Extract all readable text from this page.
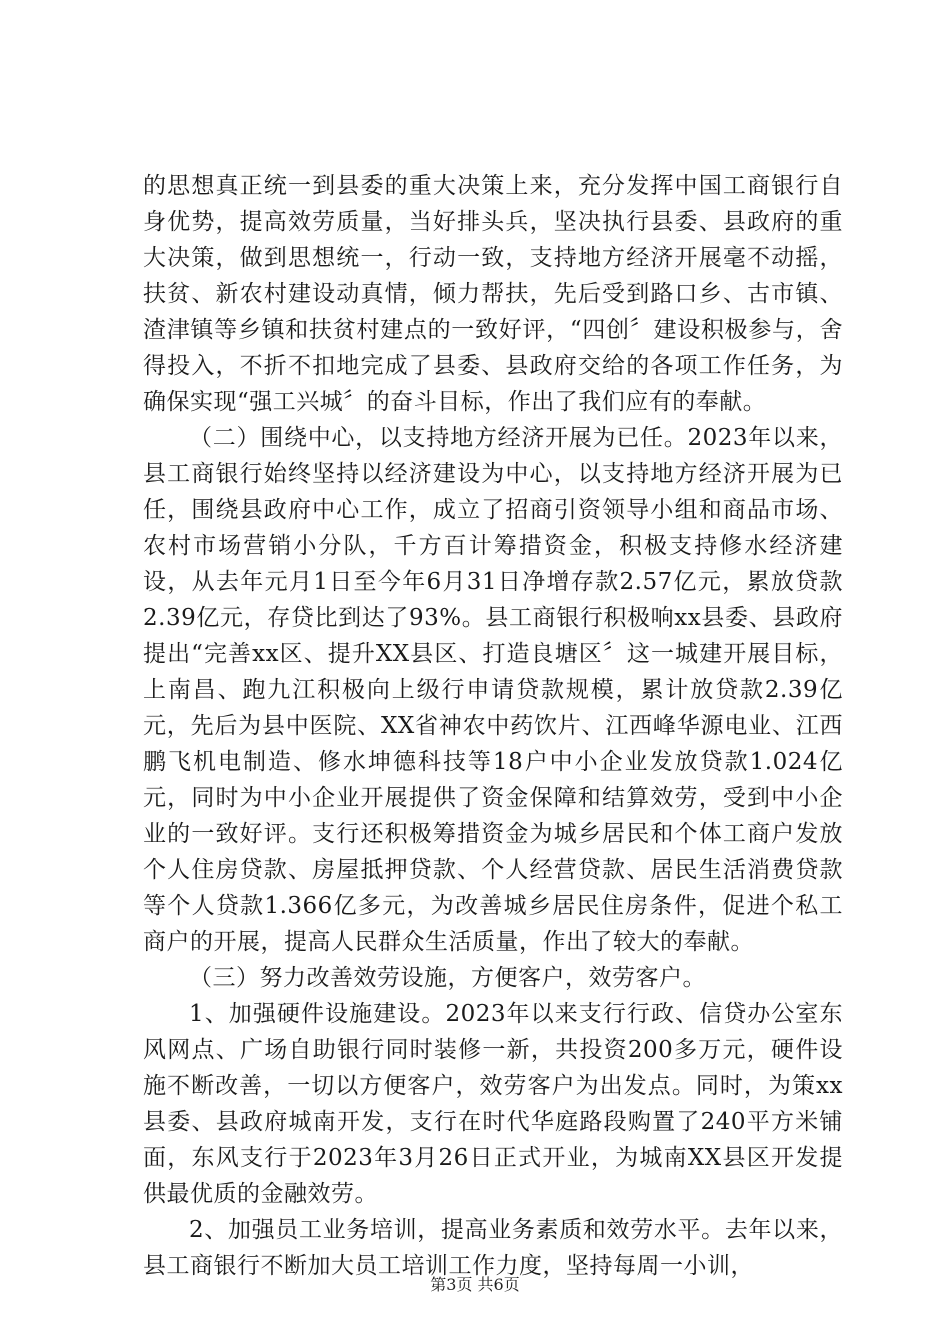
的思想真正统一到县委的重大决策上来，充分发挥中国工商银行自身优势，提高效劳质量，当好排头兵，坚决执行县委、县政府的重大决策，做到思想统一，行动一致，支持地方经济开展毫不动摇，扶贫、新农村建设动真情，倾力帮扶，先后受到路口乡、古市镇、渣津镇等乡镇和扶贫村建点的一致好评，“四创〞建设积极参与，舍得投入，不折不扣地完成了县委、县政府交给的各项工作任务，为确保实现“强工兴城〞的奋斗目标，作出了我们应有的奉献。

（二）围绕中心，以支持地方经济开展为已任。2023年以来，县工商银行始终坚持以经济建设为中心，以支持地方经济开展为已任，围绕县政府中心工作，成立了招商引资领导小组和商品市场、农村市场营销小分队，千方百计筹措资金，积极支持修水经济建设，从去年元月1日至今年6月31日净增存款2.57亿元，累放贷款2.39亿元，存贷比到达了93%。县工商银行积极响xx县委、县政府提出“完善xx区、提升XX县区、打造良塘区〞这一城建开展目标，上南昌、跑九江积极向上级行申请贷款规模，累计放贷款2.39亿元，先后为县中医院、XX省神农中药饮片、江西峰华源电业、江西鹏飞机电制造、修水坤德科技等18户中小企业发放贷款1.024亿元，同时为中小企业开展提供了资金保障和结算效劳，受到中小企业的一致好评。支行还积极筹措资金为城乡居民和个体工商户发放个人住房贷款、房屋抵押贷款、个人经营贷款、居民生活消费贷款等个人贷款1.366亿多元，为改善城乡居民住房条件，促进个私工商户的开展，提高人民群众生活质量，作出了较大的奉献。

（三）努力改善效劳设施，方便客户，效劳客户。

1、加强硬件设施建设。2023年以来支行行政、信贷办公室东风网点、广场自助银行同时装修一新，共投资200多万元，硬件设施不断改善，一切以方便客户，效劳客户为出发点。同时，为策xx县委、县政府城南开发，支行在时代华庭路段购置了240平方米铺面，东风支行于2023年3月26日正式开业，为城南XX县区开发提供最优质的金融效劳。

2、加强员工业务培训，提高业务素质和效劳水平。去年以来，县工商银行不断加大员工培训工作力度，坚持每周一小训，

第3页 共6页
